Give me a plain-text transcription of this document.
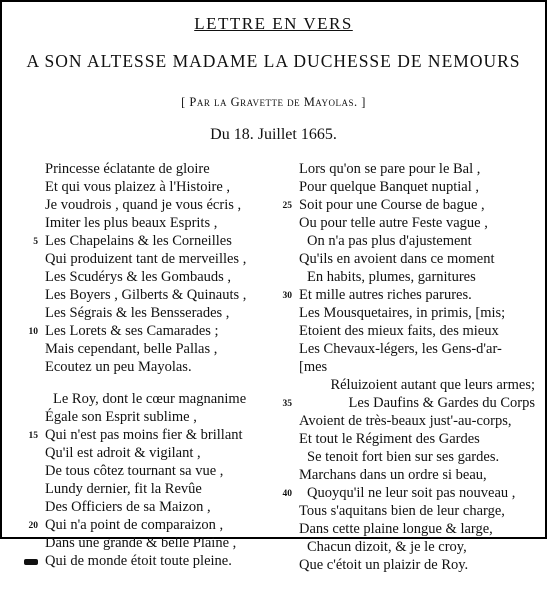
LETTRE EN VERS
A SON ALTESSE MADAME LA DUCHESSE DE NEMOURS
[ Par la Gravette de Mayolas. ]
Du 18. Juillet 1665.
Princesse éclatante de gloire
Et qui vous plaizez à l'Histoire ,
Je voudrois , quand je vous écris ,
Imiter les plus beaux Esprits ,
5 Les Chapelains & les Corneilles
Qui produizent tant de merveilles ,
Les Scudérys & les Gombauds ,
Les Boyers , Gilberts & Quinauts ,
Les Ségrais & les Bensserades ,
10 Les Lorets & ses Camarades ;
Mais cependant, belle Pallas ,
Ecoutez un peu Mayolas.
Le Roy, dont le cœur magnanime
Égale son Esprit sublime ,
15 Qui n'est pas moins fier & brillant
Qu'il est adroit & vigilant ,
De tous côtez tournant sa vue ,
Lundy dernier, fit la Revûe
Des Officiers de sa Maizon ,
20 Qui n'a point de comparaizon ,
Dans une grande & belle Plaine ,
Qui de monde étoit toute pleine.
Lors qu'on se pare pour le Bal ,
Pour quelque Banquet nuptial ,
25 Soit pour une Course de bague ,
Ou pour telle autre Feste vague ,
On n'a pas plus d'ajustement
Qu'ils en avoient dans ce moment
En habits, plumes, garnitures
30 Et mille autres riches parures.
Les Mousquetaires, in primis, [mis;
Etoient des mieux faits, des mieux
Les Chevaux-légers, les Gens-d'ar-
[mes
Réluizoient autant que leurs armes;
35	Les Daufins & Gardes du Corps
Avoient de très-beaux just'-au-corps,
Et tout le Régiment des Gardes
Se tenoit fort bien sur ses gardes.
Marchans dans un ordre si beau,
40 Quoyqu'il ne leur soit pas nouveau ,
Tous s'aquitans bien de leur charge,
Dans cette plaine longue & large,
Chacun dizoit, & je le croy,
Que c'étoit un plaizir de Roy.
